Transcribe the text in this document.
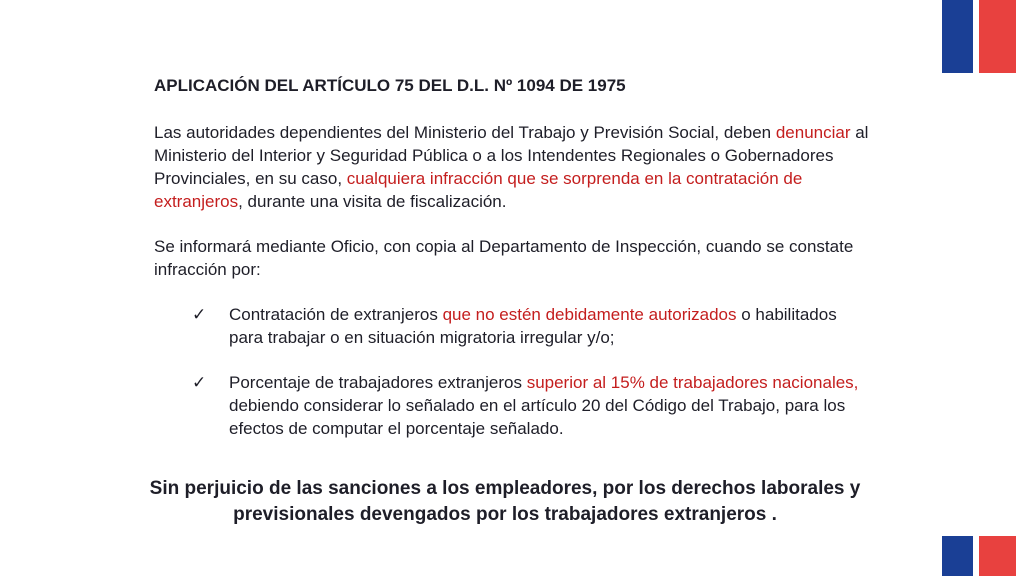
APLICACIÓN DEL ARTÍCULO 75 DEL D.L. Nº 1094 DE 1975

Las autoridades dependientes del Ministerio del Trabajo y Previsión Social, deben denunciar al Ministerio del Interior y Seguridad Pública o a los Intendentes Regionales o Gobernadores Provinciales, en su caso, cualquiera infracción que se sorprenda en la contratación de extranjeros, durante una visita de fiscalización.

Se informará mediante Oficio, con copia al Departamento de Inspección, cuando se constate infracción por:

✓ Contratación de extranjeros que no estén debidamente autorizados o habilitados para trabajar o en situación migratoria irregular y/o;
✓ Porcentaje de trabajadores extranjeros superior al 15% de trabajadores nacionales, debiendo considerar lo señalado en el artículo 20 del Código del Trabajo, para los efectos de computar el porcentaje señalado.
Sin perjuicio de las sanciones a los empleadores, por los derechos laborales y previsionales devengados por los trabajadores extranjeros .
